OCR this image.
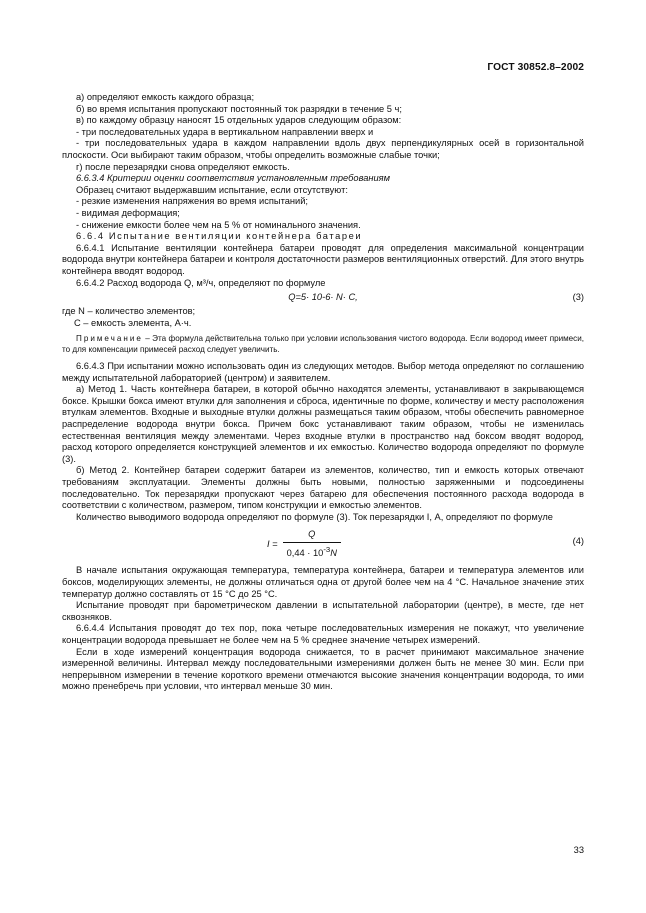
ГОСТ 30852.8–2002

а) определяют емкость каждого образца;

б) во время испытания пропускают постоянный ток разрядки в течение 5 ч;

в) по каждому образцу наносят 15 отдельных ударов следующим образом:

- три последовательных удара в вертикальном направлении вверх и

- три последовательных удара в каждом направлении вдоль двух перпендикулярных осей в горизонтальной плоскости. Оси выбирают таким образом, чтобы определить возможные слабые точки;

г) после перезарядки снова определяют емкость.

6.6.3.4 Критерии оценки соответствия установленным требованиям

Образец считают выдержавшим испытание, если отсутствуют:

- резкие изменения напряжения во время испытаний;

- видимая деформация;

- снижение емкости более чем на 5 % от номинального значения.

6.6.4 Испытание вентиляции контейнера батареи

6.6.4.1 Испытание вентиляции контейнера батареи проводят для определения максимальной концентрации водорода внутри контейнера батареи и контроля достаточности размеров вентиляционных отверстий. Для этого внутрь контейнера вводят водород.

6.6.4.2 Расход водорода Q, м³/ч, определяют по формуле

Q=5· 10-6· N· C,	(3)

где N – количество элементов;

C – емкость элемента, А·ч.

Примечание – Эта формула действительна только при условии использования чистого водорода. Если водород имеет примеси, то для компенсации примесей расход следует увеличить.

6.6.4.3 При испытании можно использовать один из следующих методов. Выбор метода определяют по соглашению между испытательной лабораторией (центром) и заявителем.

а) Метод 1. Часть контейнера батареи, в которой обычно находятся элементы, устанавливают в закрывающемся боксе. Крышки бокса имеют втулки для заполнения и сброса, идентичные по форме, количеству и месту расположения втулкам элементов. Входные и выходные втулки должны размещаться таким образом, чтобы обеспечить равномерное распределение водорода внутри бокса. Причем бокс устанавливают таким образом, чтобы не изменилась естественная вентиляция между элементами. Через входные втулки в пространство над боксом вводят водород, расход которого определяется конструкцией элементов и их емкостью. Количество водорода определяют по формуле (3).

б) Метод 2. Контейнер батареи содержит батареи из элементов, количество, тип и емкость которых отвечают требованиям эксплуатации. Элементы должны быть новыми, полностью заряженными и подсоединены последовательно. Ток перезарядки пропускают через батарею для обеспечения постоянного расхода водорода в соответствии с количеством, размером, типом конструкции и емкостью элементов.

Количество выводимого водорода определяют по формуле (3). Ток перезарядки I, А, определяют по формуле

$I = \frac{Q}{0,44 \cdot 10^{-3}N}$	(4)

В начале испытания окружающая температура, температура контейнера, батареи и температура элементов или боксов, моделирующих элементы, не должны отличаться одна от другой более чем на 4 °С. Начальное значение этих температур должно составлять от 15 °С до 25 °С.

Испытание проводят при барометрическом давлении в испытательной лаборатории (центре), в месте, где нет сквозняков.

6.6.4.4 Испытания проводят до тех пор, пока четыре последовательных измерения не покажут, что увеличение концентрации водорода превышает не более чем на 5 % среднее значение четырех измерений.

Если в ходе измерений концентрация водорода снижается, то в расчет принимают максимальное значение измеренной величины. Интервал между последовательными измерениями должен быть не менее 30 мин. Если при непрерывном измерении в течение короткого времени отмечаются высокие значения концентрации водорода, то ими можно пренебречь при условии, что интервал меньше 30 мин.

33
